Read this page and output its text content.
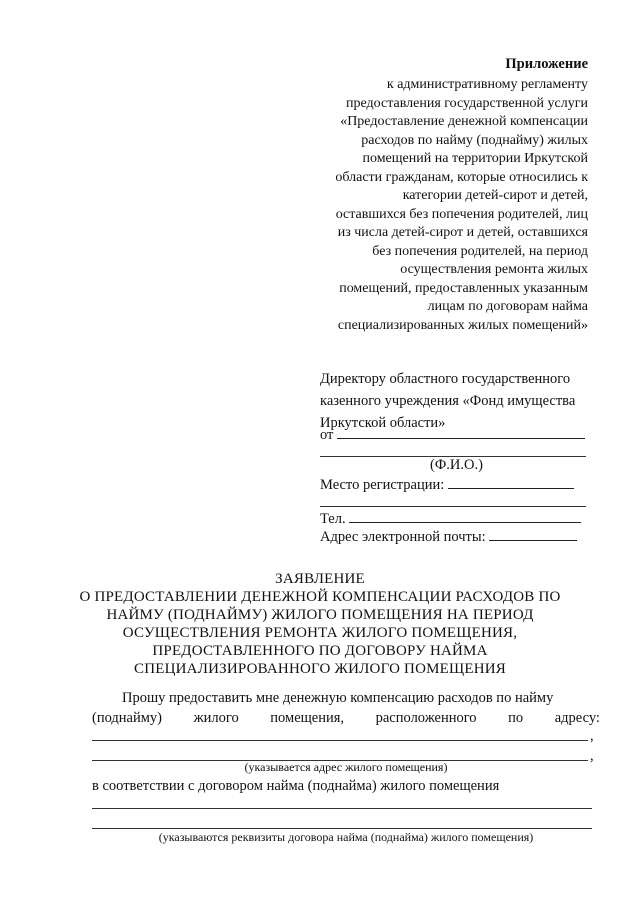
Приложение
к административному регламенту
предоставления государственной услуги
«Предоставление денежной компенсации
расходов по найму (поднайму) жилых
помещений на территории Иркутской
области гражданам, которые относились к
категории детей-сирот и детей,
оставшихся без попечения родителей, лиц
из числа детей-сирот и детей, оставшихся
без попечения родителей, на период
осуществления ремонта жилых
помещений, предоставленных указанным
лицам по договорам найма
специализированных жилых помещений»
Директору областного государственного
казенного учреждения «Фонд имущества
Иркутской области»
от
(Ф.И.О.)
Место регистрации:
Тел.
Адрес электронной почты:
ЗАЯВЛЕНИЕ
О ПРЕДОСТАВЛЕНИИ ДЕНЕЖНОЙ КОМПЕНСАЦИИ РАСХОДОВ ПО
НАЙМУ (ПОДНАЙМУ) ЖИЛОГО ПОМЕЩЕНИЯ НА ПЕРИОД
ОСУЩЕСТВЛЕНИЯ РЕМОНТА ЖИЛОГО ПОМЕЩЕНИЯ,
ПРЕДОСТАВЛЕННОГО ПО ДОГОВОРУ НАЙМА
СПЕЦИАЛИЗИРОВАННОГО ЖИЛОГО ПОМЕЩЕНИЯ
Прошу предоставить мне денежную компенсацию расходов по найму
(поднайму) жилого помещения, расположенного по адресу:
,
,
(указывается адрес жилого помещения)
в соответствии с договором найма (поднайма) жилого помещения
(указываются реквизиты договора найма (поднайма) жилого помещения)
